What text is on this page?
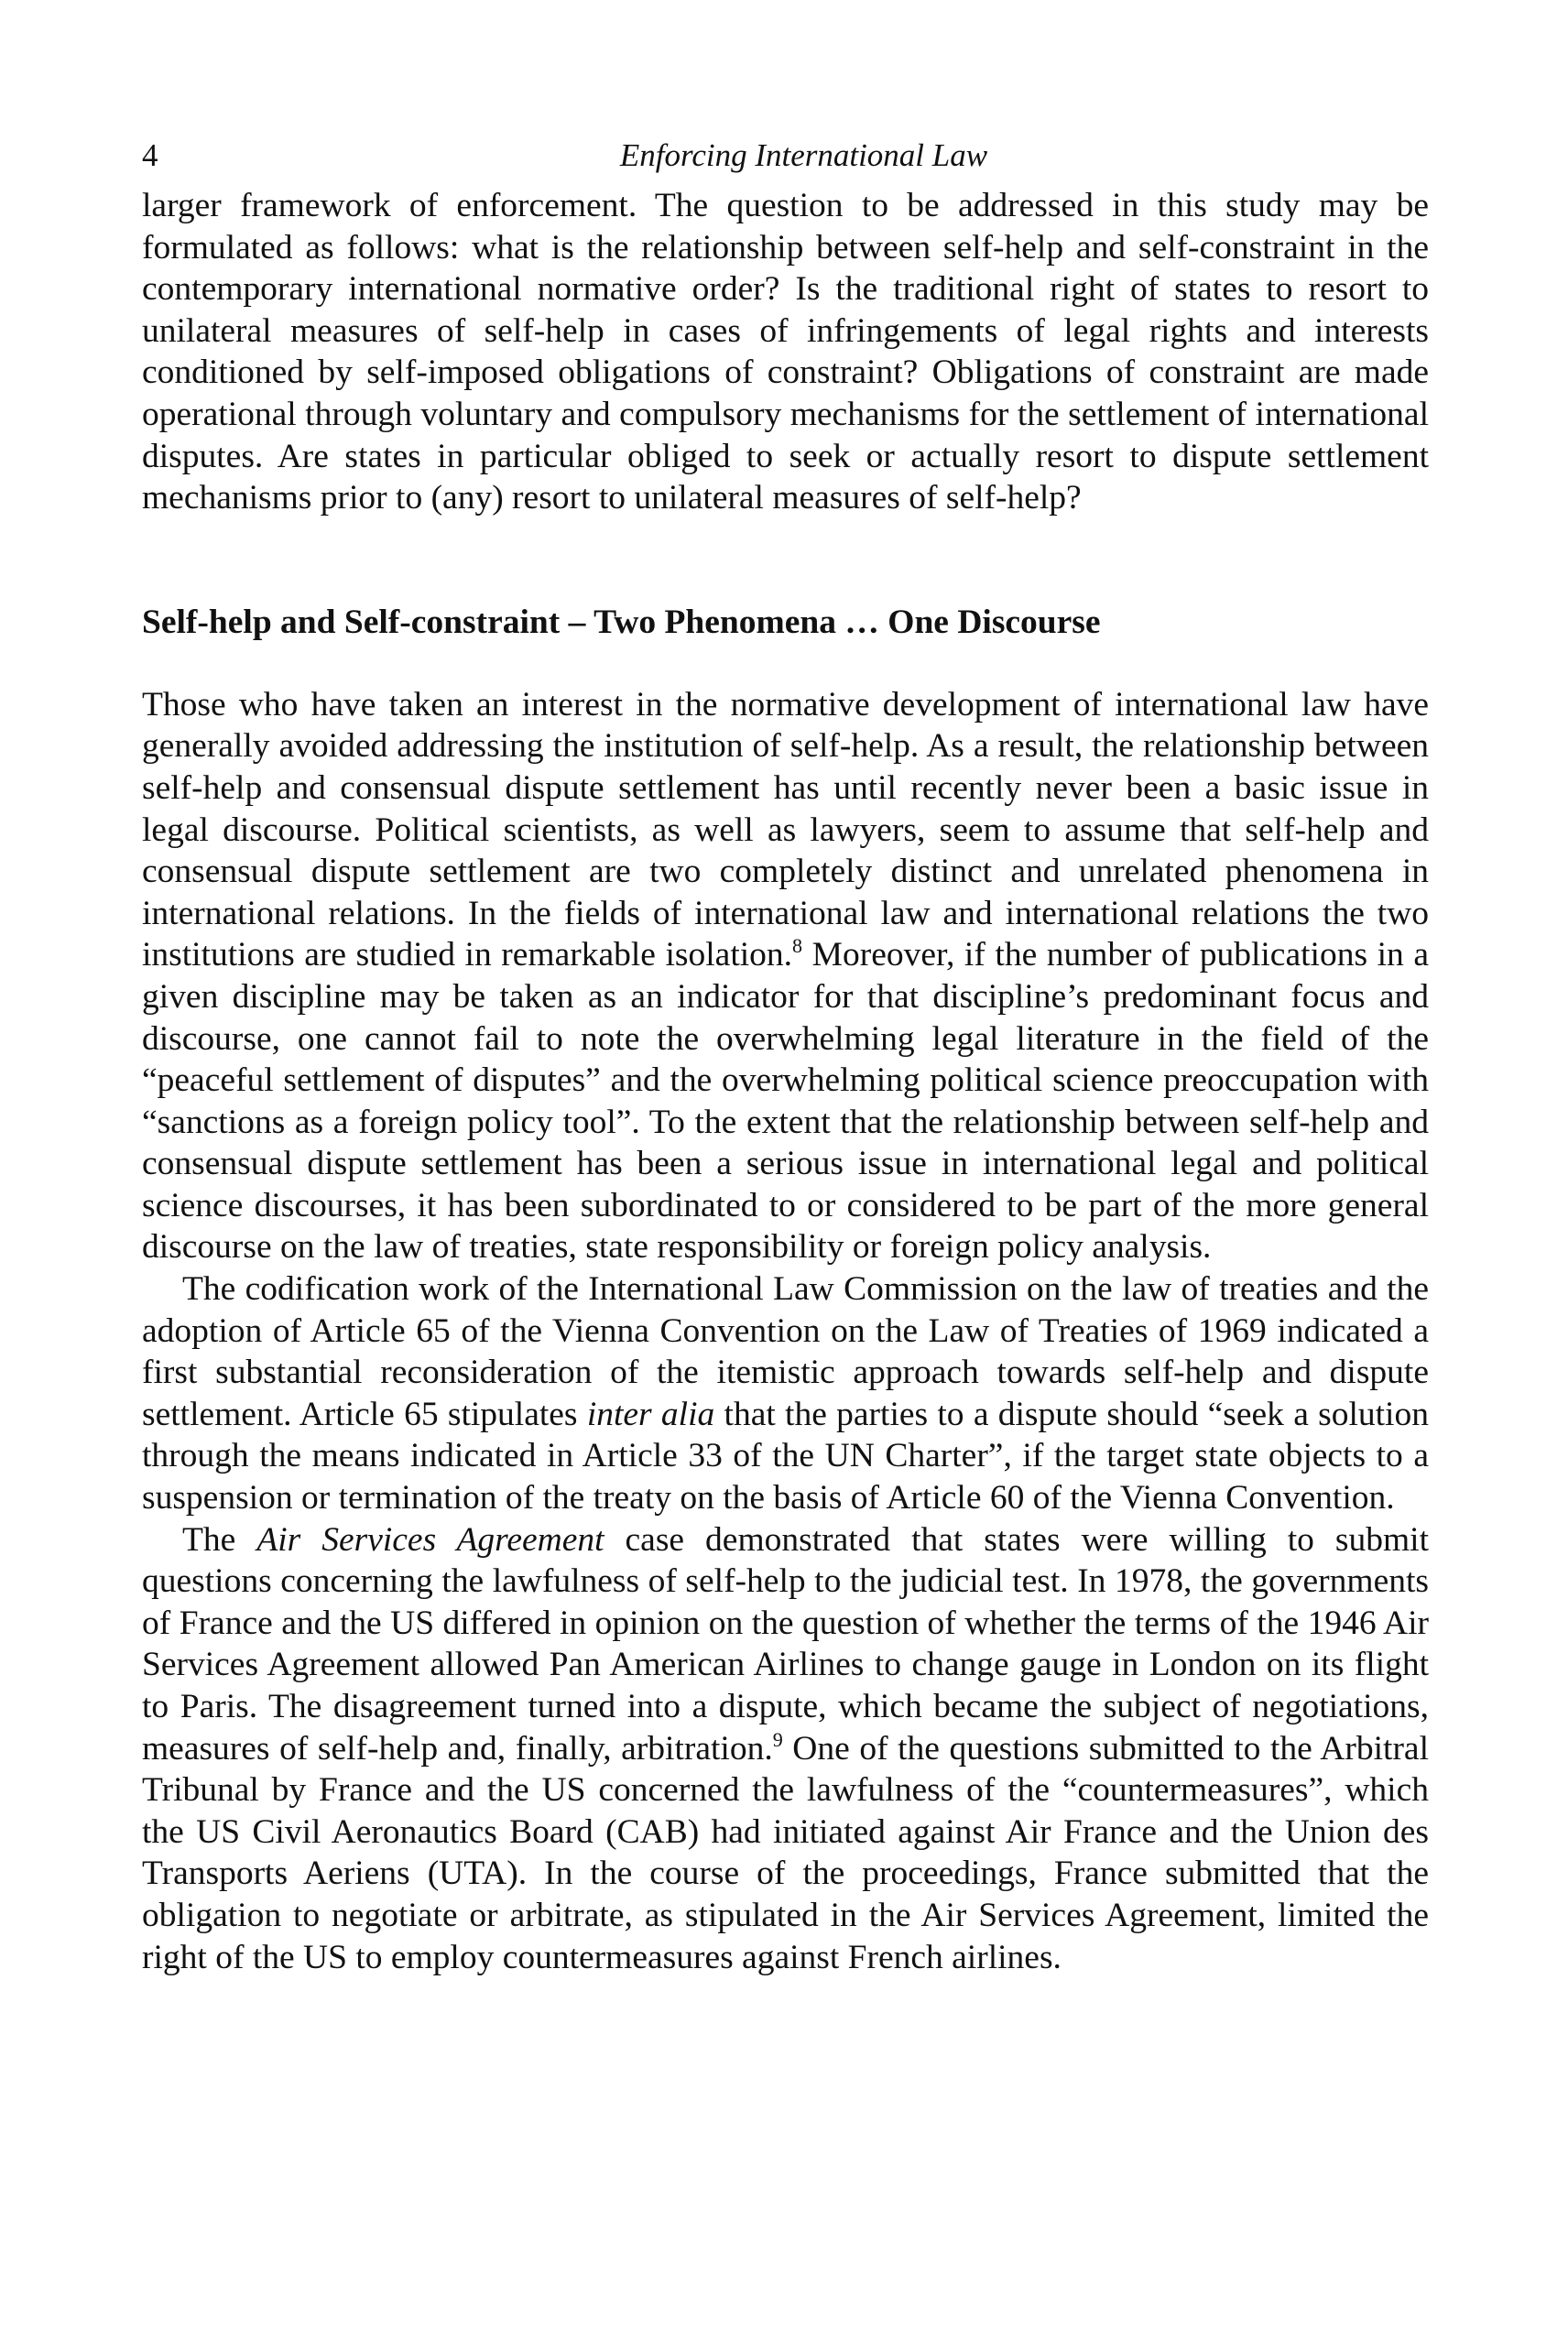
4	Enforcing International Law

larger framework of enforcement. The question to be addressed in this study may be formulated as follows: what is the relationship between self-help and self-constraint in the contemporary international normative order? Is the traditional right of states to resort to unilateral measures of self-help in cases of infringements of legal rights and interests conditioned by self-imposed obligations of constraint? Obligations of constraint are made operational through voluntary and compulsory mechanisms for the settlement of international disputes. Are states in particular obliged to seek or actually resort to dispute settlement mechanisms prior to (any) resort to unilateral measures of self-help?

Self-help and Self-constraint – Two Phenomena … One Discourse

Those who have taken an interest in the normative development of international law have generally avoided addressing the institution of self-help. As a result, the relationship between self-help and consensual dispute settlement has until recently never been a basic issue in legal discourse. Political scientists, as well as lawyers, seem to assume that self-help and consensual dispute settlement are two completely distinct and unrelated phenomena in international relations. In the fields of international law and international relations the two institutions are studied in remarkable isolation.$^8$ Moreover, if the number of publications in a given discipline may be taken as an indicator for that discipline’s predominant focus and discourse, one cannot fail to note the overwhelming legal literature in the field of the “peaceful settlement of disputes” and the overwhelming political science preoccupation with “sanctions as a foreign policy tool”. To the extent that the relationship between self-help and consensual dispute settlement has been a serious issue in international legal and political science discourses, it has been subordinated to or considered to be part of the more general discourse on the law of treaties, state responsibility or foreign policy analysis.

The codification work of the International Law Commission on the law of treaties and the adoption of Article 65 of the Vienna Convention on the Law of Treaties of 1969 indicated a first substantial reconsideration of the itemistic approach towards self-help and dispute settlement. Article 65 stipulates inter alia that the parties to a dispute should “seek a solution through the means indicated in Article 33 of the UN Charter”, if the target state objects to a suspension or termination of the treaty on the basis of Article 60 of the Vienna Convention.

The Air Services Agreement case demonstrated that states were willing to submit questions concerning the lawfulness of self-help to the judicial test. In 1978, the governments of France and the US differed in opinion on the question of whether the terms of the 1946 Air Services Agreement allowed Pan American Airlines to change gauge in London on its flight to Paris. The disagreement turned into a dispute, which became the subject of negotiations, measures of self-help and, finally, arbitration.$^9$ One of the questions submitted to the Arbitral Tribunal by France and the US concerned the lawfulness of the “countermeasures”, which the US Civil Aeronautics Board (CAB) had initiated against Air France and the Union des Transports Aeriens (UTA). In the course of the proceedings, France submitted that the obligation to negotiate or arbitrate, as stipulated in the Air Services Agreement, limited the right of the US to employ countermeasures against French airlines.
